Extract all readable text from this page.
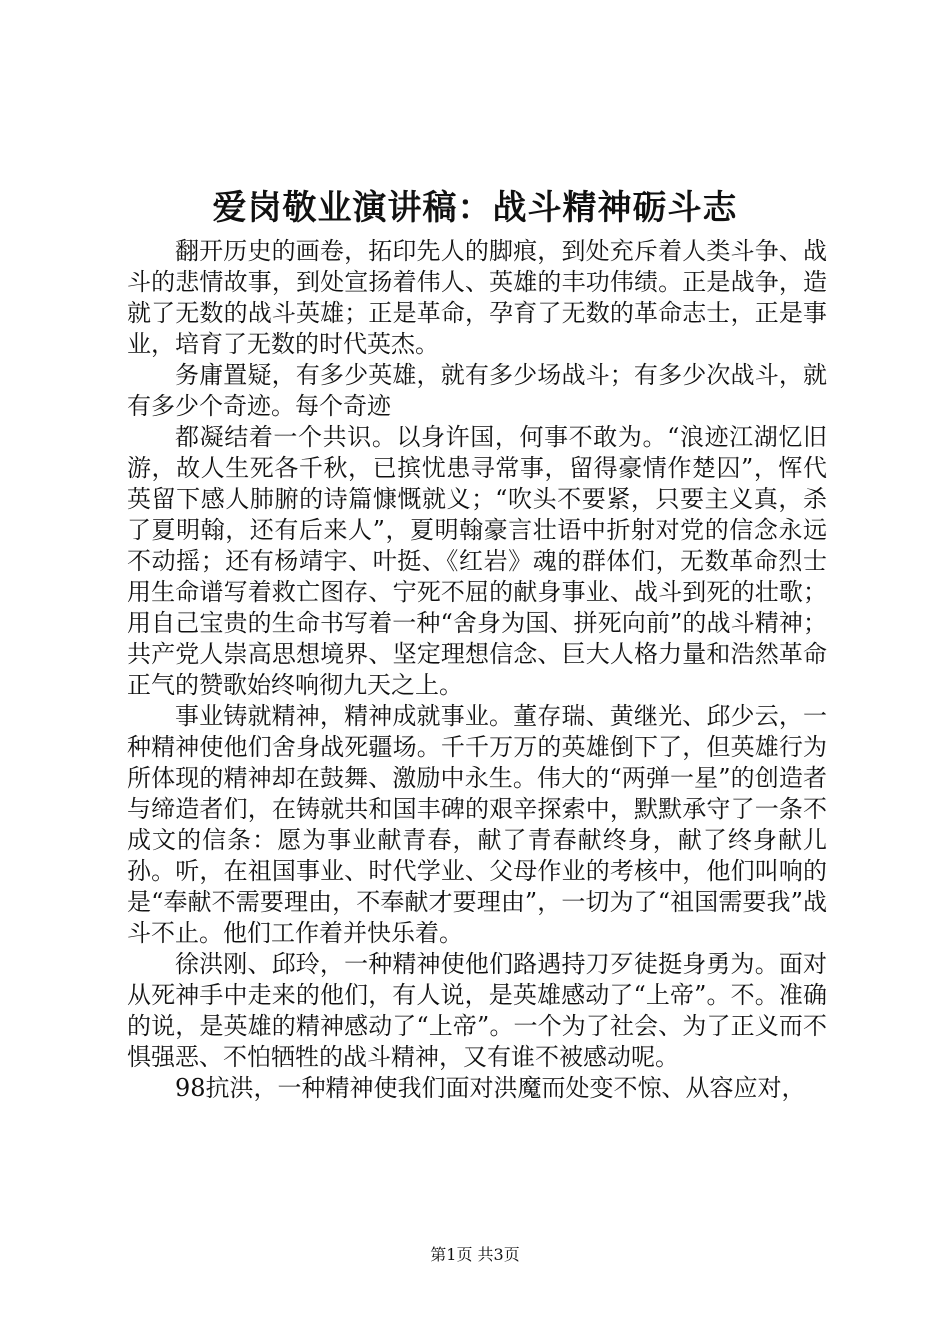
爱岗敬业演讲稿：战斗精神砺斗志

翻开历史的画卷，拓印先人的脚痕，到处充斥着人类斗争、战斗的悲情故事，到处宣扬着伟人、英雄的丰功伟绩。正是战争，造就了无数的战斗英雄；正是革命，孕育了无数的革命志士，正是事业，培育了无数的时代英杰。

务庸置疑，有多少英雄，就有多少场战斗；有多少次战斗，就有多少个奇迹。每个奇迹

都凝结着一个共识。以身许国，何事不敢为。“浪迹江湖忆旧游，故人生死各千秋，已摈忧患寻常事，留得豪情作楚囚”，恽代英留下感人肺腑的诗篇慷慨就义；“吹头不要紧，只要主义真，杀了夏明翰，还有后来人”，夏明翰豪言壮语中折射对党的信念永远不动摇；还有杨靖宇、叶挺、《红岩》魂的群体们，无数革命烈士用生命谱写着救亡图存、宁死不屈的献身事业、战斗到死的壮歌；用自己宝贵的生命书写着一种“舍身为国、拼死向前”的战斗精神；共产党人崇高思想境界、坚定理想信念、巨大人格力量和浩然革命正气的赞歌始终响彻九天之上。

事业铸就精神，精神成就事业。董存瑞、黄继光、邱少云，一种精神使他们舍身战死疆场。千千万万的英雄倒下了，但英雄行为所体现的精神却在鼓舞、激励中永生。伟大的“两弹一星”的创造者与缔造者们，在铸就共和国丰碑的艰辛探索中，默默承守了一条不成文的信条：愿为事业献青春，献了青春献终身，献了终身献儿孙。听，在祖国事业、时代学业、父母作业的考核中，他们叫响的是“奉献不需要理由，不奉献才要理由”，一切为了“祖国需要我”战斗不止。他们工作着并快乐着。

徐洪刚、邱玲，一种精神使他们路遇持刀歹徒挺身勇为。面对从死神手中走来的他们，有人说，是英雄感动了“上帝”。不。准确的说，是英雄的精神感动了“上帝”。一个为了社会、为了正义而不惧强恶、不怕牺牲的战斗精神，又有谁不被感动呢。

98抗洪，一种精神使我们面对洪魔而处变不惊、从容应对，

第1页 共3页
